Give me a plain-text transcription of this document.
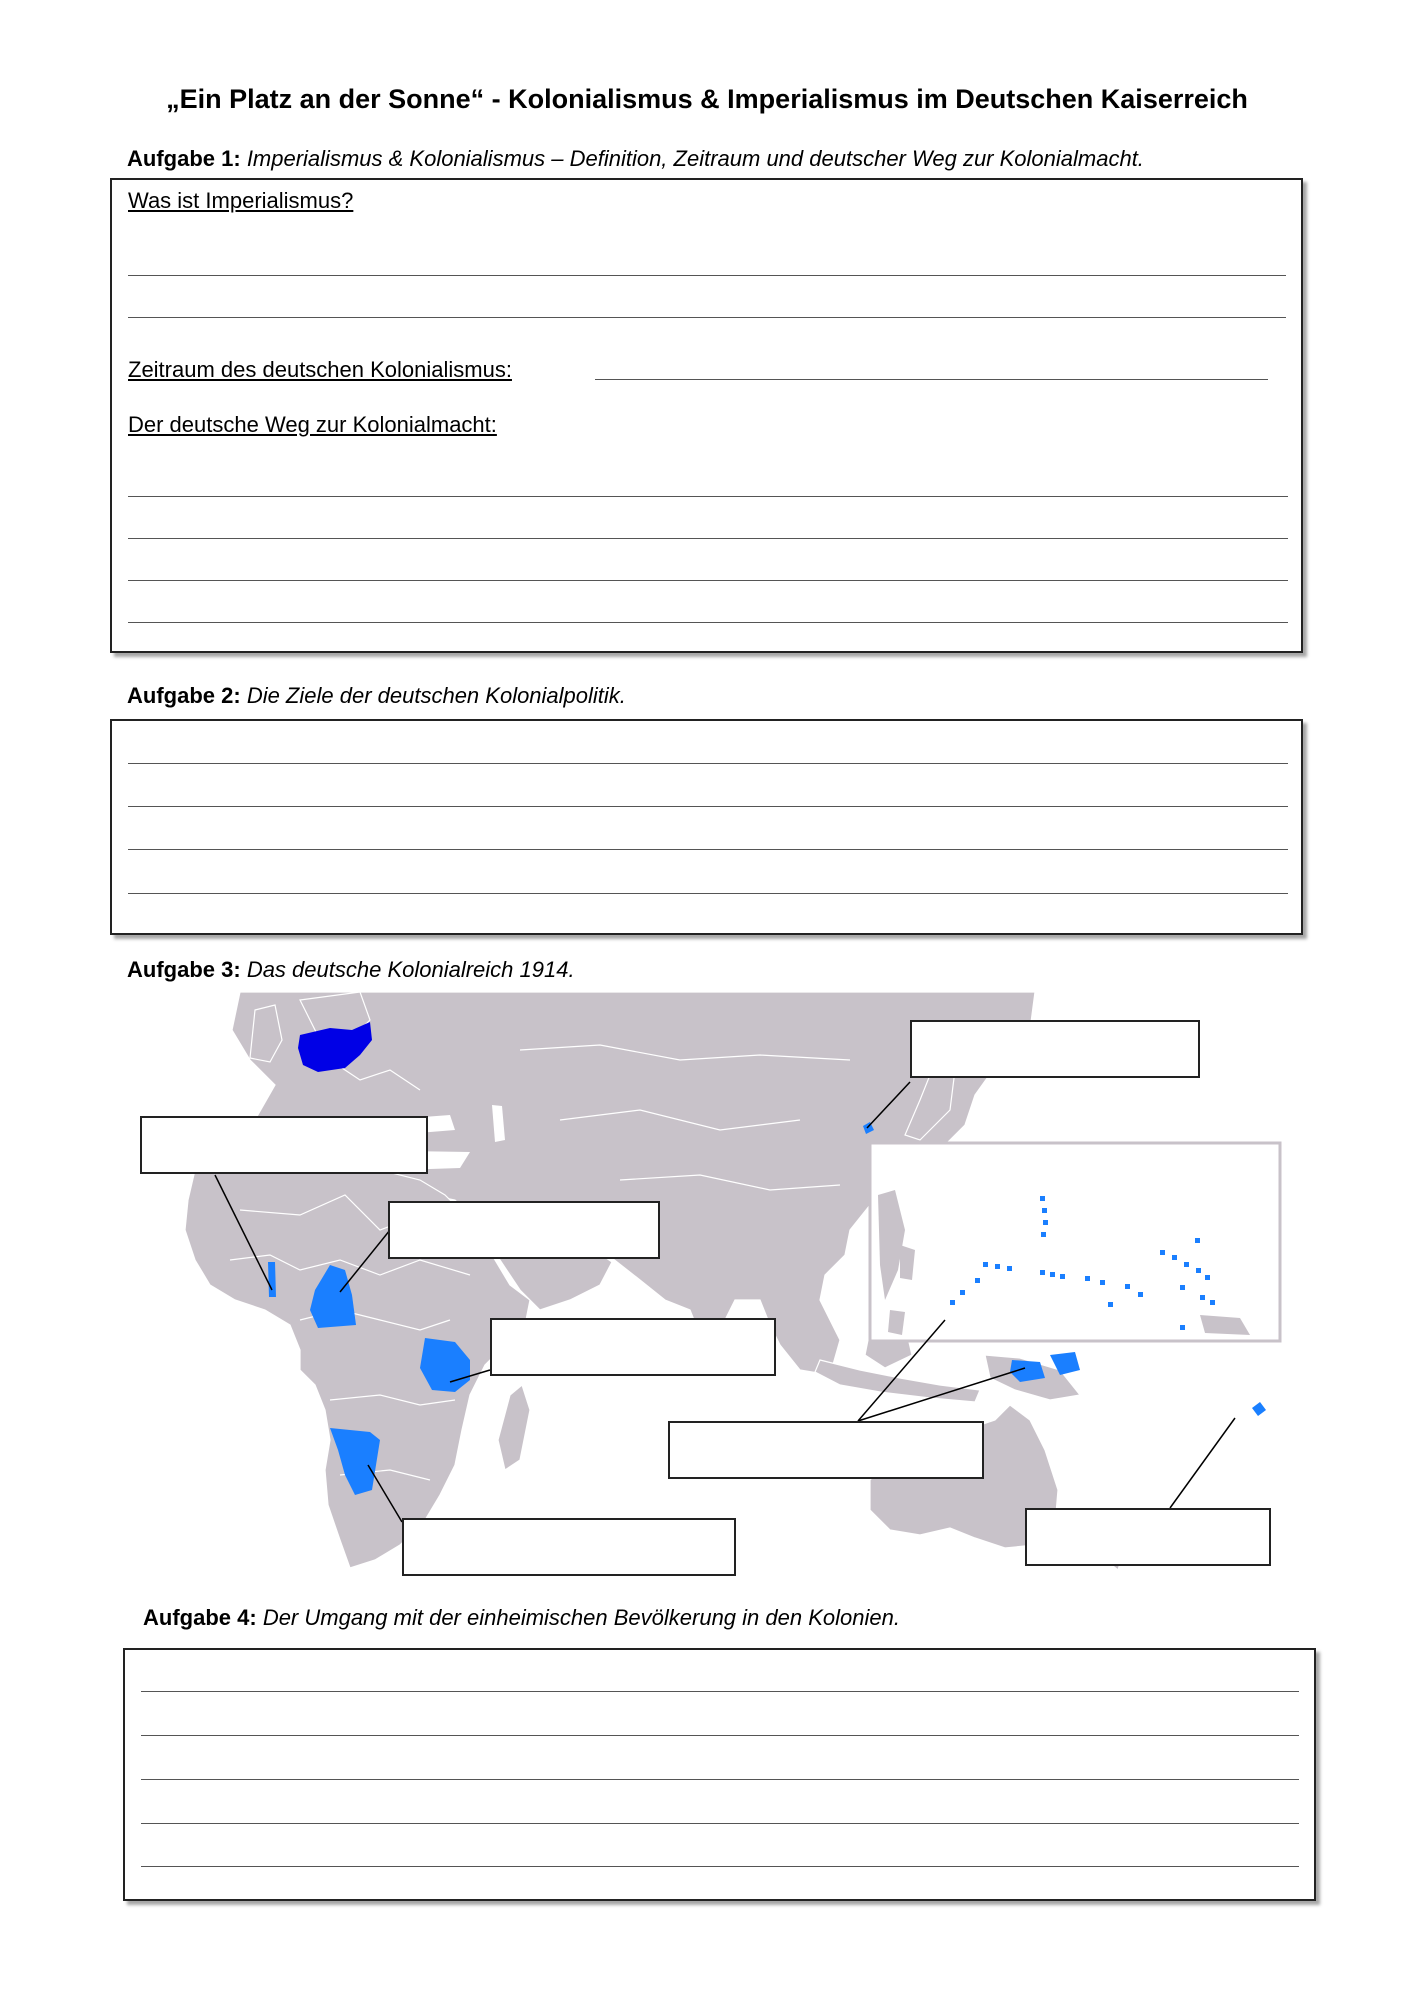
„Ein Platz an der Sonne“ - Kolonialismus & Imperialismus im Deutschen Kaiserreich
Aufgabe 1: Imperialismus & Kolonialismus – Definition, Zeitraum und deutscher Weg zur Kolonialmacht.
Was ist Imperialismus?
Zeitraum des deutschen Kolonialismus:
Der deutsche Weg zur Kolonialmacht:
Aufgabe 2: Die Ziele der deutschen Kolonialpolitik.
Aufgabe 3: Das deutsche Kolonialreich 1914.
Aufgabe 4: Der Umgang mit der einheimischen Bevölkerung in den Kolonien.
